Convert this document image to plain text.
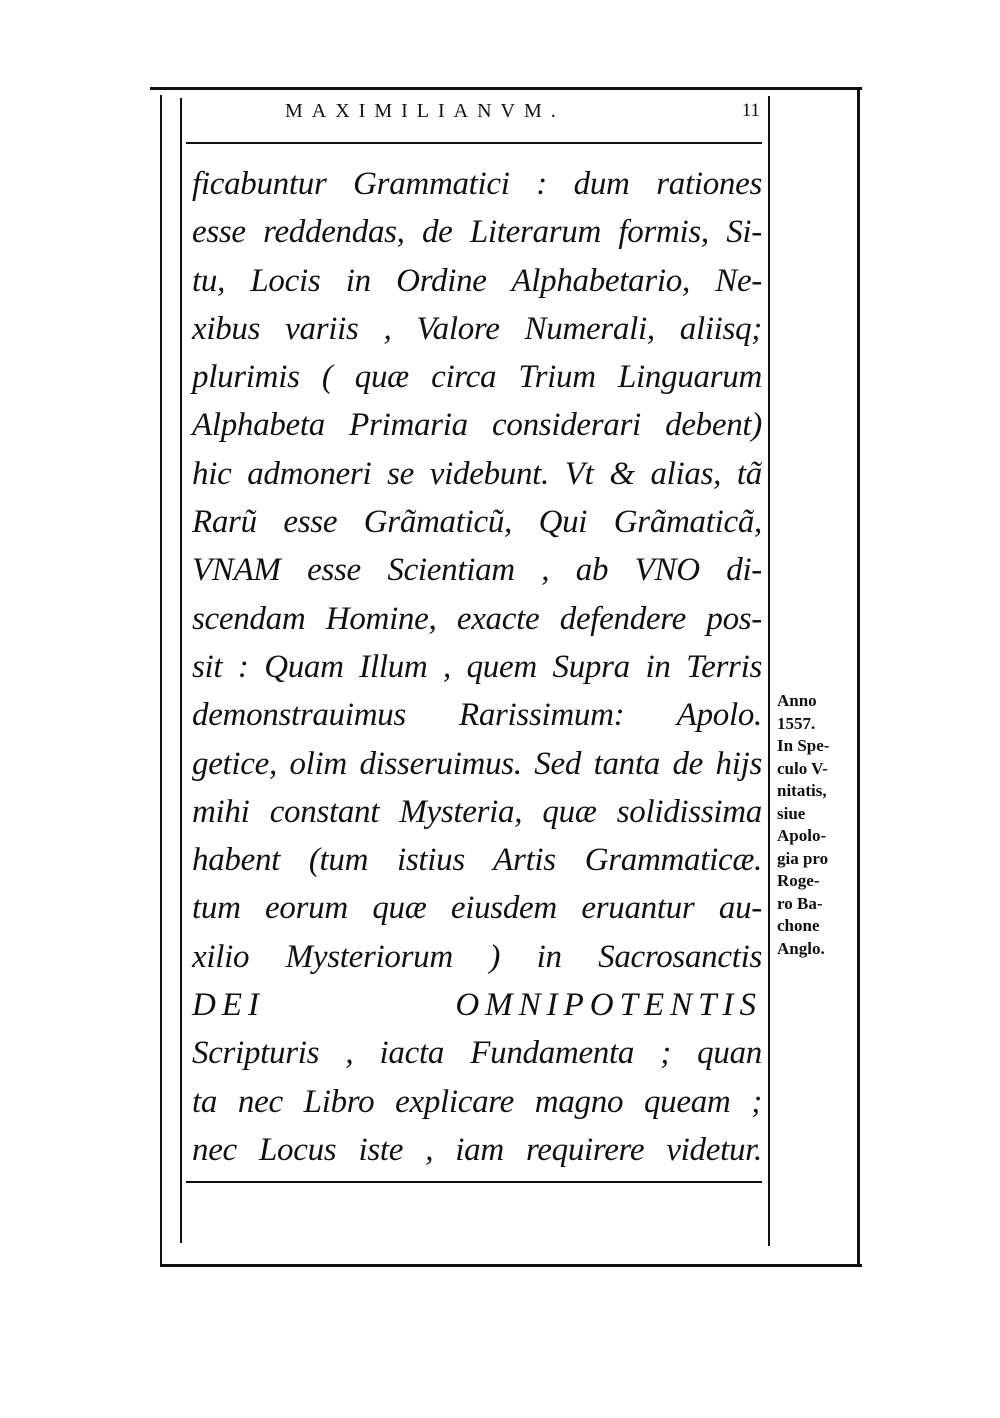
MAXIMILIANVM.	11
ficabuntur Grammatici : dum rationes
esse reddendas, de Literarum formis, Si-
tu, Locis in Ordine Alphabetario, Ne-
xibus variis , Valore Numerali, aliisq;
plurimis ( quæ circa Trium Linguarum
Alphabeta Primaria considerari debent)
hic admoneri se videbunt. Vt & alias, tã
Rarũ esse Grãmaticũ, Qui Grãmaticã,
VNAM esse Scientiam , ab VNO di-
scendam Homine, exacte defendere pos-
sit : Quam Illum , quem Supra in Terris
demonstrauimus Rarissimum: Apolo.
getice, olim disseruimus. Sed tanta de hijs
mihi constant Mysteria, quæ solidissima
habent (tum istius Artis Grammaticæ.
tum eorum quæ eiusdem eruantur au-
xilio Mysteriorum ) in Sacrosanctis
DEI OMNIPOTENTIS
Scripturis , iacta Fundamenta ; quan
ta nec Libro explicare magno queam ;
nec Locus iste , iam requirere videtur.
Anno
1557.
In Spe-
culo V-
nitatis,
siue
Apolo-
gia pro
Roge-
ro Ba-
chone
Anglo.
